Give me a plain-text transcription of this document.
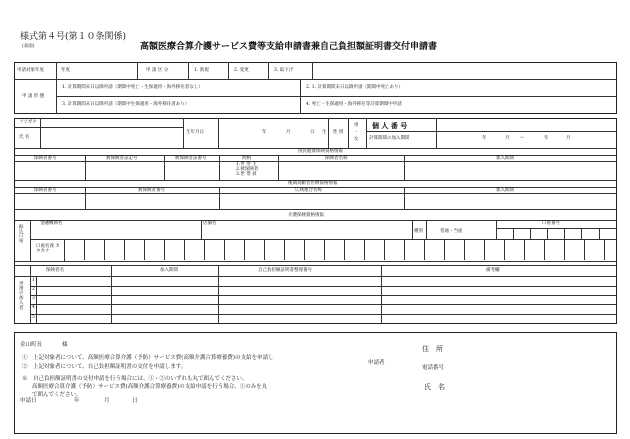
様式第４号(第１０条関係)
(表面)	高額医療合算介護サービス費等支給申請書兼自己負担額証明書交付申請書
申請対象年度	年度	申 請 区 分	1. 新規	2. 変更	3. 取下げ
申 請 形 態
1. 計算期間末日以降申請（期間中死亡・生保適用・海外移住者なし）	2. 1. 計算期間末日以降申請（期間中死亡あり）
3. 計算期間末日以降申請（期間中生保適用・海外移住者あり）	4. 死亡・生保適用・海外移住等計算期間中申請
フリガナ
氏 名
生年月日	年	月	日 生 性 別
男
・
女
個 人 番 号
計算期間の加入期間	年	月 ～	年	月
国民健康保険資格情報
保険者番号	被保険者証記号	被保険者証番号	続柄	保険者名称	加入期間
1.世 帯 主
2.被保険者
3.世 帯 員
後期高齢者医療資格情報
保険者番号	被保険者番号	広域連合名称	加入期間
介護保険資格情報
振込口座
金融機関名	店舗名
種別	普通・当座
口座番号
口座名義 カタカナ
世帯の加入者
保険者名	加入期間	自己負担額証明書整理番号	備考欄
1
2
3
4
5
金山町長	様
①　上記対象者について、高額医療合算介護（予防）サービス費(高額介護合算療養費)の支給を申請し
②　上記対象者について、自己負担額証明書の交付を申請します。
※　自己負担額証明書の交付申請を行う場合には、①・②のいずれも丸で囲んでください。
高額医療合算介護（予防）サービス費(高額介護合算療養費)の支給申請を行う場合、①のみを丸
で囲んでください。
申請日	年	月	日
申請者
住　所
電話番号
氏　名
